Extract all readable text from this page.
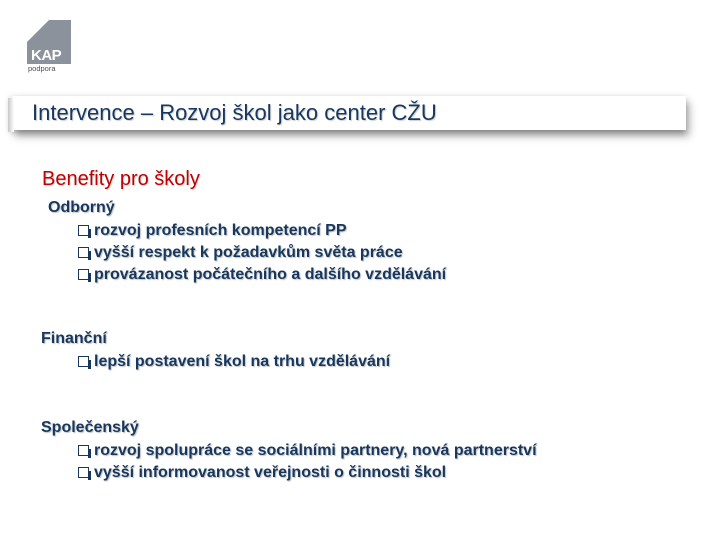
KAP
podpora
Intervence – Rozvoj škol jako center CŽU
Benefity pro školy
Odborný
rozvoj profesních kompetencí PP
vyšší respekt k požadavkům světa práce
provázanost počátečního a dalšího vzdělávání
Finanční
lepší postavení škol na trhu vzdělávání
Společenský
rozvoj spolupráce se sociálními partnery, nová partnerství
vyšší informovanost veřejnosti o činnosti škol
